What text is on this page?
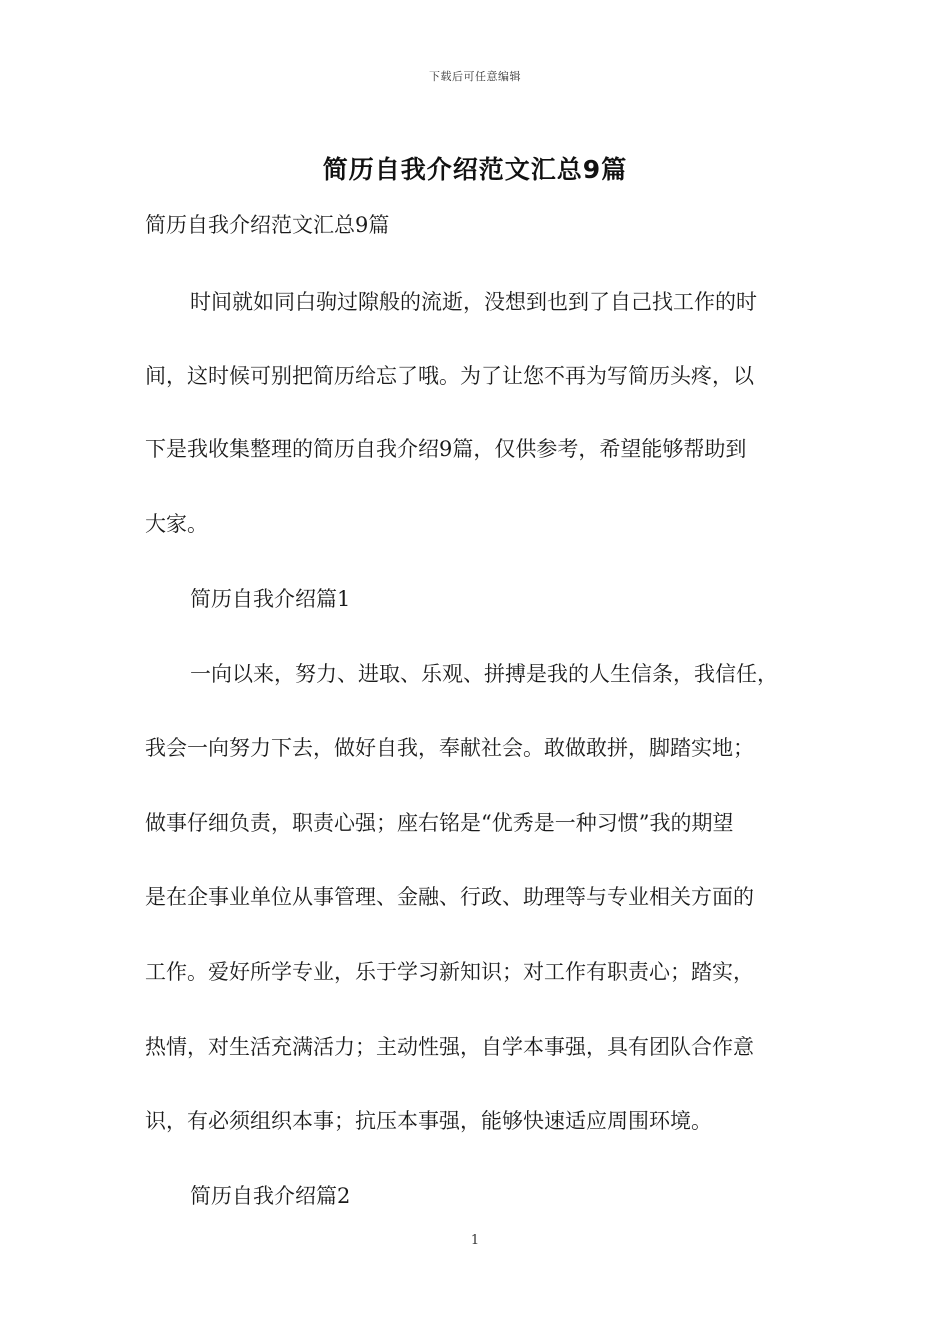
下载后可任意编辑
简历自我介绍范文汇总9篇
简历自我介绍范文汇总9篇
时间就如同白驹过隙般的流逝，没想到也到了自己找工作的时
间，这时候可别把简历给忘了哦。为了让您不再为写简历头疼，以
下是我收集整理的简历自我介绍9篇，仅供参考，希望能够帮助到
大家。
简历自我介绍篇1
一向以来，努力、进取、乐观、拼搏是我的人生信条，我信任，
我会一向努力下去，做好自我，奉献社会。敢做敢拼，脚踏实地；
做事仔细负责，职责心强；座右铭是“优秀是一种习惯”我的期望
是在企事业单位从事管理、金融、行政、助理等与专业相关方面的
工作。爱好所学专业，乐于学习新知识；对工作有职责心；踏实，
热情，对生活充满活力；主动性强，自学本事强，具有团队合作意
识，有必须组织本事；抗压本事强，能够快速适应周围环境。
简历自我介绍篇2
1
